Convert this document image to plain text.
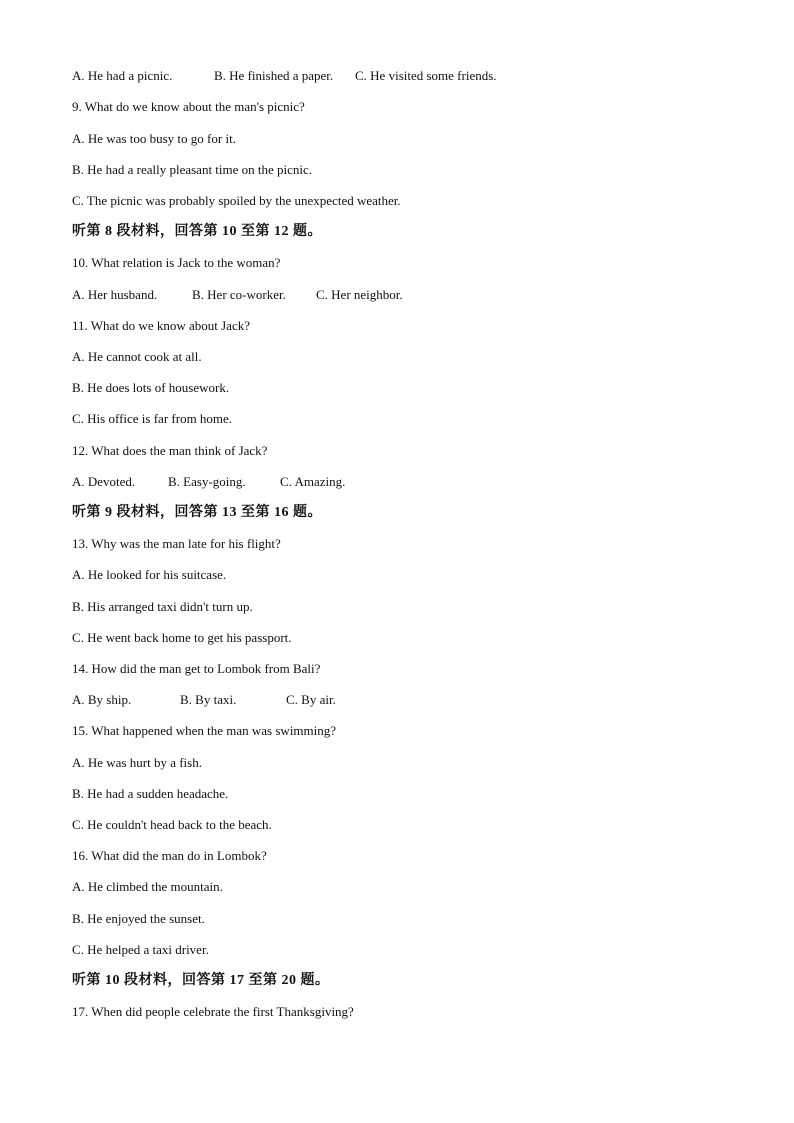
A. He had a picnic.	B. He finished a paper. C. He visited some friends.
9. What do we know about the man's picnic?
A. He was too busy to go for it.
B. He had a really pleasant time on the picnic.
C. The picnic was probably spoiled by the unexpected weather.
听第 8 段材料，回答第 10 至第 12 题。
10. What relation is Jack to the woman?
A. Her husband.	B. Her co-worker. C. Her neighbor.
11. What do we know about Jack?
A. He cannot cook at all.
B. He does lots of housework.
C. His office is far from home.
12. What does the man think of Jack?
A. Devoted.	B. Easy-going.	C. Amazing.
听第 9 段材料，回答第 13 至第 16 题。
13. Why was the man late for his flight?
A. He looked for his suitcase.
B. His arranged taxi didn't turn up.
C. He went back home to get his passport.
14. How did the man get to Lombok from Bali?
A. By ship.	B. By taxi.	C. By air.
15. What happened when the man was swimming?
A. He was hurt by a fish.
B. He had a sudden headache.
C. He couldn't head back to the beach.
16. What did the man do in Lombok?
A. He climbed the mountain.
B. He enjoyed the sunset.
C. He helped a taxi driver.
听第 10 段材料，回答第 17 至第 20 题。
17. When did people celebrate the first Thanksgiving?
